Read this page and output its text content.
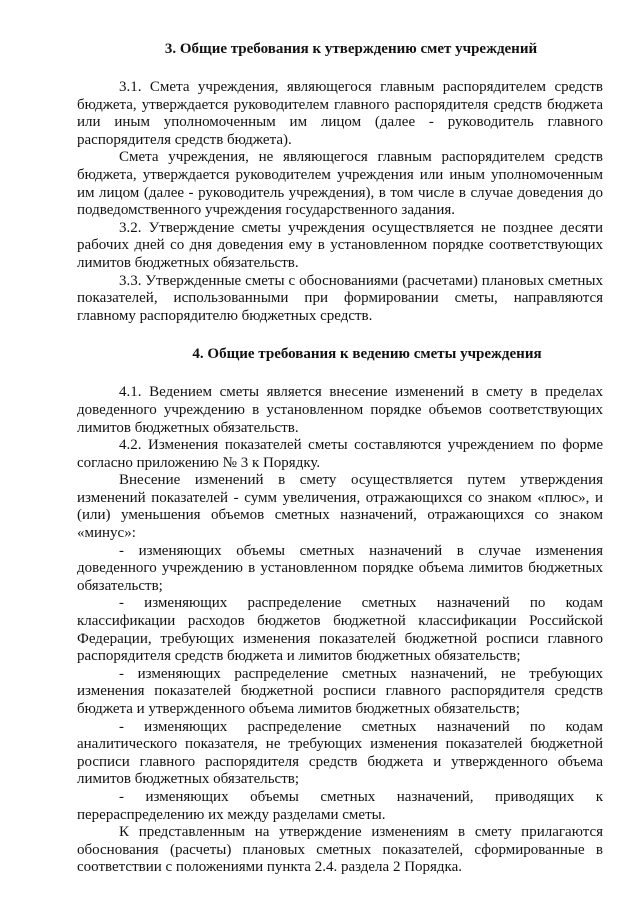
3. Общие требования к утверждению смет учреждений

3.1. Смета учреждения, являющегося главным распорядителем средств бюджета, утверждается руководителем главного распорядителя средств бюджета или иным уполномоченным им лицом (далее - руководитель главного распорядителя средств бюджета).

Смета учреждения, не являющегося главным распорядителем средств бюджета, утверждается руководителем учреждения или иным уполномоченным им лицом (далее - руководитель учреждения), в том числе в случае доведения до подведомственного учреждения государственного задания.

3.2. Утверждение сметы учреждения осуществляется не позднее десяти рабочих дней со дня доведения ему в установленном порядке соответствующих лимитов бюджетных обязательств.

3.3. Утвержденные сметы с обоснованиями (расчетами) плановых сметных показателей, использованными при формировании сметы, направляются главному распорядителю бюджетных средств.

4. Общие требования к ведению сметы учреждения

4.1. Ведением сметы является внесение изменений в смету в пределах доведенного учреждению в установленном порядке объемов соответствующих лимитов бюджетных обязательств.

4.2. Изменения показателей сметы составляются учреждением по форме согласно приложению № 3 к Порядку.

Внесение изменений в смету осуществляется путем утверждения изменений показателей - сумм увеличения, отражающихся со знаком «плюс», и (или) уменьшения объемов сметных назначений, отражающихся со знаком «минус»:

- изменяющих объемы сметных назначений в случае изменения доведенного учреждению в установленном порядке объема лимитов бюджетных обязательств;

- изменяющих распределение сметных назначений по кодам классификации расходов бюджетов бюджетной классификации Российской Федерации, требующих изменения показателей бюджетной росписи главного распорядителя средств бюджета и лимитов бюджетных обязательств;

- изменяющих распределение сметных назначений, не требующих изменения показателей бюджетной росписи главного распорядителя средств бюджета и утвержденного объема лимитов бюджетных обязательств;

- изменяющих распределение сметных назначений по кодам аналитического показателя, не требующих изменения показателей бюджетной росписи главного распорядителя средств бюджета и утвержденного объема лимитов бюджетных обязательств;

- изменяющих объемы сметных назначений, приводящих к перераспределению их между разделами сметы.

К представленным на утверждение изменениям в смету прилагаются обоснования (расчеты) плановых сметных показателей, сформированные в соответствии с положениями пункта 2.4. раздела 2 Порядка.
